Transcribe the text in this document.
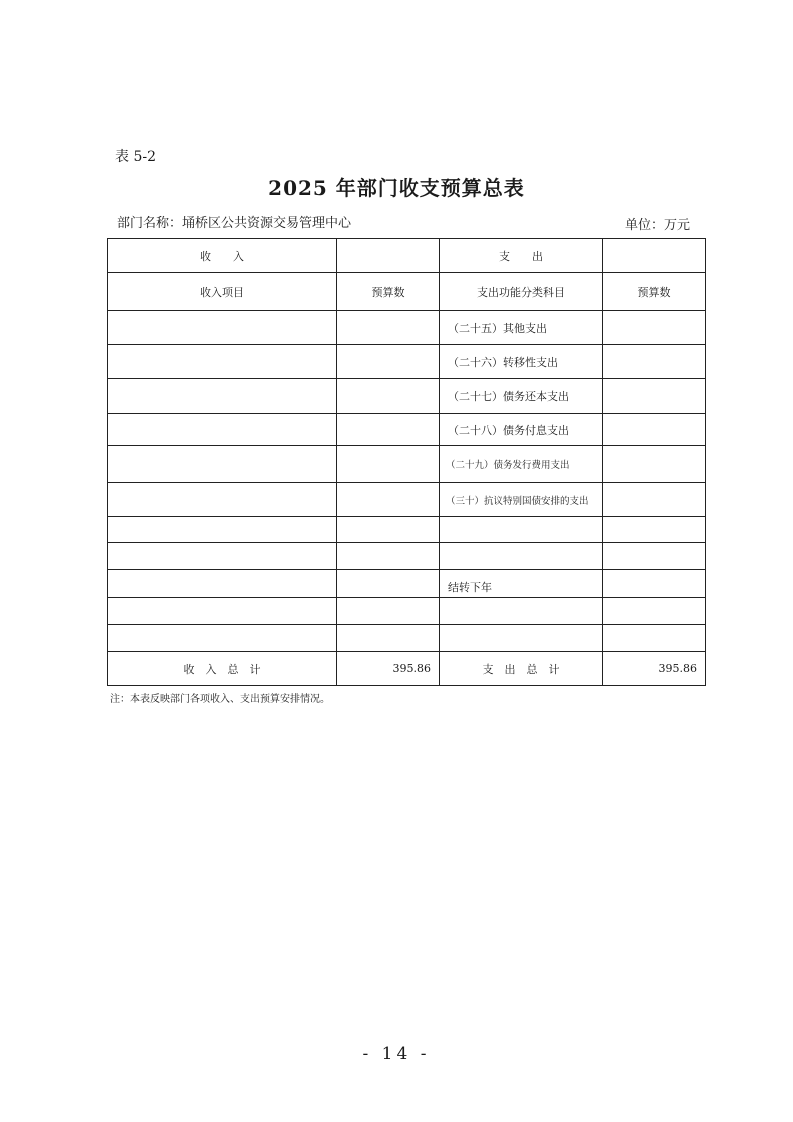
表 5-2
2025 年部门收支预算总表
部门名称：埇桥区公共资源交易管理中心	单位：万元
收　　入		支　　出	
收入项目	预算数	支出功能分类科目	预算数
		（二十五）其他支出	
		（二十六）转移性支出	
		（二十七）债务还本支出	
		（二十八）债务付息支出	
		（二十九）债务发行费用支出	
		（三十）抗议特别国债安排的支出	

		结转下年	

收　入　总　计	395.86	支　出　总　计	395.86
注：本表反映部门各项收入、支出预算安排情况。
- 14 -
